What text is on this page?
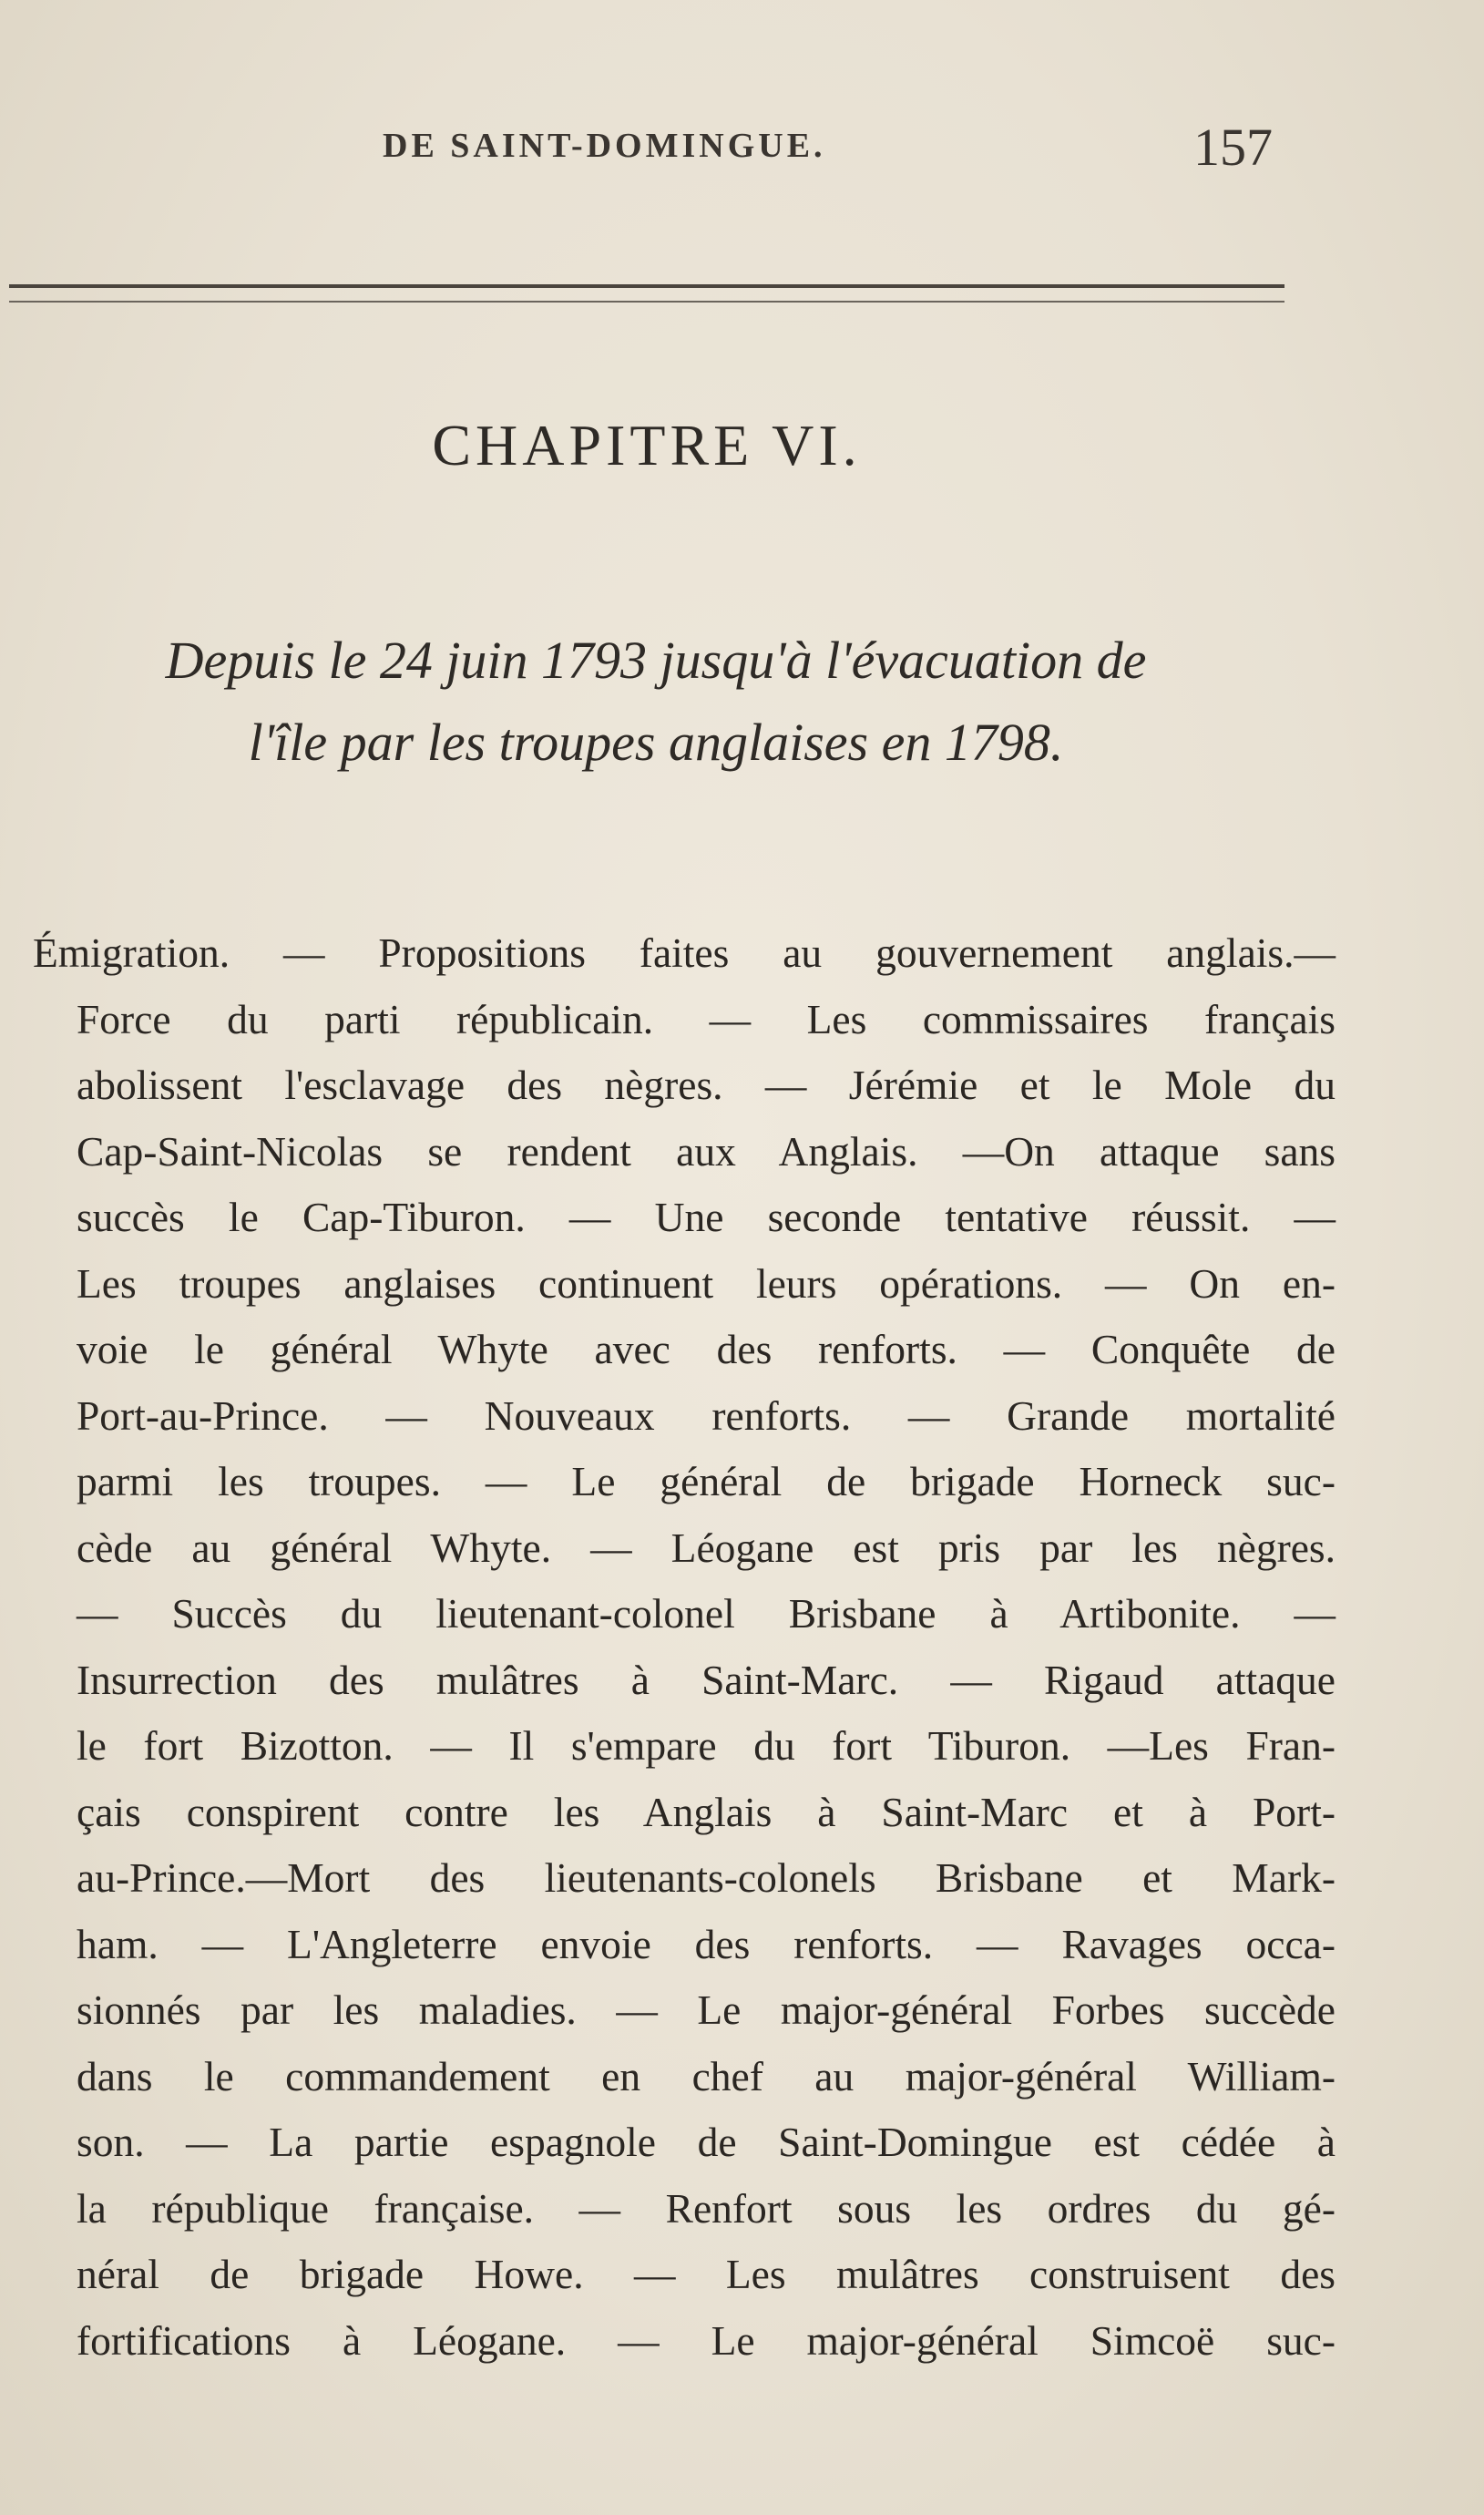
DE SAINT-DOMINGUE.	157
CHAPITRE VI.
Depuis le 24 juin 1793 jusqu'à l'évacuation de
l'île par les troupes anglaises en 1798.
Émigration. — Propositions faites au gouvernement anglais.—
Force du parti républicain. — Les commissaires français
abolissent l'esclavage des nègres. — Jérémie et le Mole du
Cap-Saint-Nicolas se rendent aux Anglais. —On attaque sans
succès le Cap-Tiburon. — Une seconde tentative réussit. —
Les troupes anglaises continuent leurs opérations. — On en-
voie le général Whyte avec des renforts. — Conquête de
Port-au-Prince. — Nouveaux renforts. — Grande mortalité
parmi les troupes. — Le général de brigade Horneck suc-
cède au général Whyte. — Léogane est pris par les nègres.
— Succès du lieutenant-colonel Brisbane à Artibonite. —
Insurrection des mulâtres à Saint-Marc. — Rigaud attaque
le fort Bizotton. — Il s'empare du fort Tiburon. —Les Fran-
çais conspirent contre les Anglais à Saint-Marc et à Port-
au-Prince.—Mort des lieutenants-colonels Brisbane et Mark-
ham. — L'Angleterre envoie des renforts. — Ravages occa-
sionnés par les maladies. — Le major-général Forbes succède
dans le commandement en chef au major-général William-
son. — La partie espagnole de Saint-Domingue est cédée à
la république française. — Renfort sous les ordres du gé-
néral de brigade Howe. — Les mulâtres construisent des
fortifications à Léogane. — Le major-général Simcoë suc-
